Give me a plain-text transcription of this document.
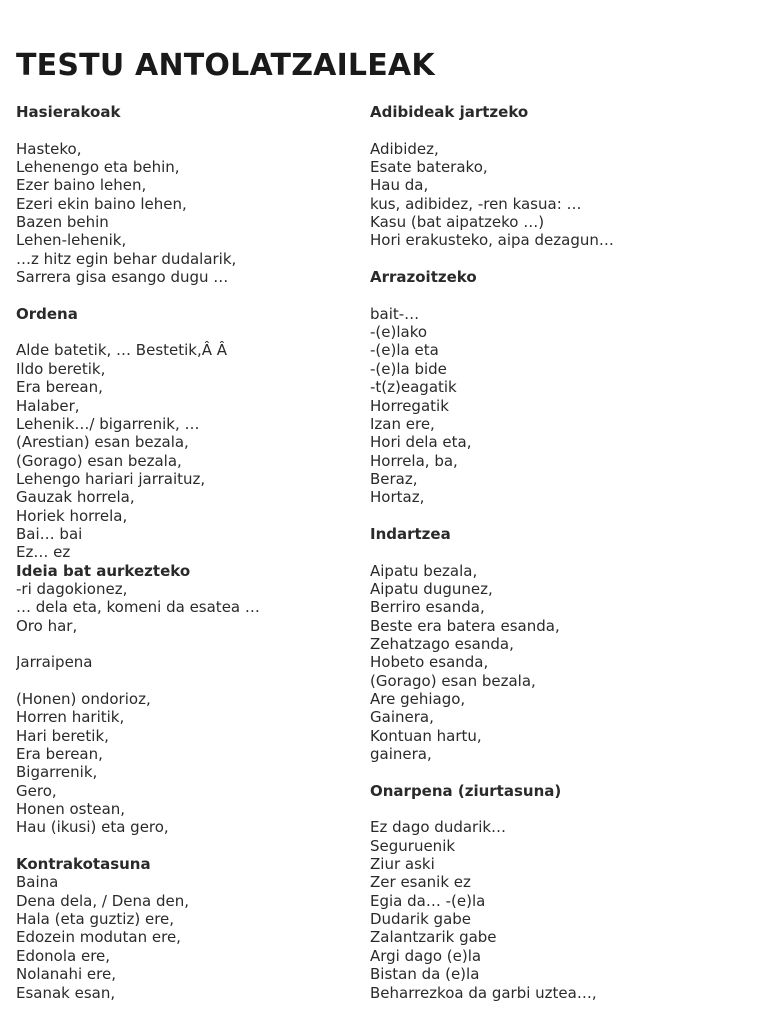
TESTU ANTOLATZAILEAK
Hasierakoak
Hasteko,
Lehenengo eta behin,
Ezer baino lehen,
Ezeri ekin baino lehen,
Bazen behin
Lehen-lehenik,
…z hitz egin behar dudalarik,
Sarrera gisa esango dugu …
Ordena
Alde batetik, … Bestetik,Â Â
Ildo beretik,
Era berean,
Halaber,
Lehenik…/ bigarrenik, …
(Arestian) esan bezala,
(Gorago) esan bezala,
Lehengo hariari jarraituz,
Gauzak horrela,
Horiek horrela,
Bai… bai
Ez… ez
Ideia bat aurkezteko
-ri dagokionez,
… dela eta, komeni da esatea …
Oro har,
Jarraipena
(Honen) ondorioz,
Horren haritik,
Hari beretik,
Era berean,
Bigarrenik,
Gero,
Honen ostean,
Hau (ikusi) eta gero,
Kontrakotasuna
Baina
Dena dela, / Dena den,
Hala (eta guztiz) ere,
Edozein modutan ere,
Edonola ere,
Nolanahi ere,
Esanak esan,
Adibideak jartzeko
Adibidez,
Esate baterako,
Hau da,
kus, adibidez, -ren kasua: …
Kasu (bat aipatzeko …)
Hori erakusteko, aipa dezagun…
Arrazoitzeko
bait-…
-(e)lako
-(e)la eta
-(e)la bide
-t(z)eagatik
Horregatik
Izan ere,
Hori dela eta,
Horrela, ba,
Beraz,
Hortaz,
Indartzea
Aipatu bezala,
Aipatu dugunez,
Berriro esanda,
Beste era batera esanda,
Zehatzago esanda,
Hobeto esanda,
(Gorago) esan bezala,
Are gehiago,
Gainera,
Kontuan hartu,
gainera,
Onarpena (ziurtasuna)
Ez dago dudarik…
Seguruenik
Ziur aski
Zer esanik ez
Egia da… -(e)la
Dudarik gabe
Zalantzarik gabe
Argi dago (e)la
Bistan da (e)la
Beharrezkoa da garbi uztea…,
